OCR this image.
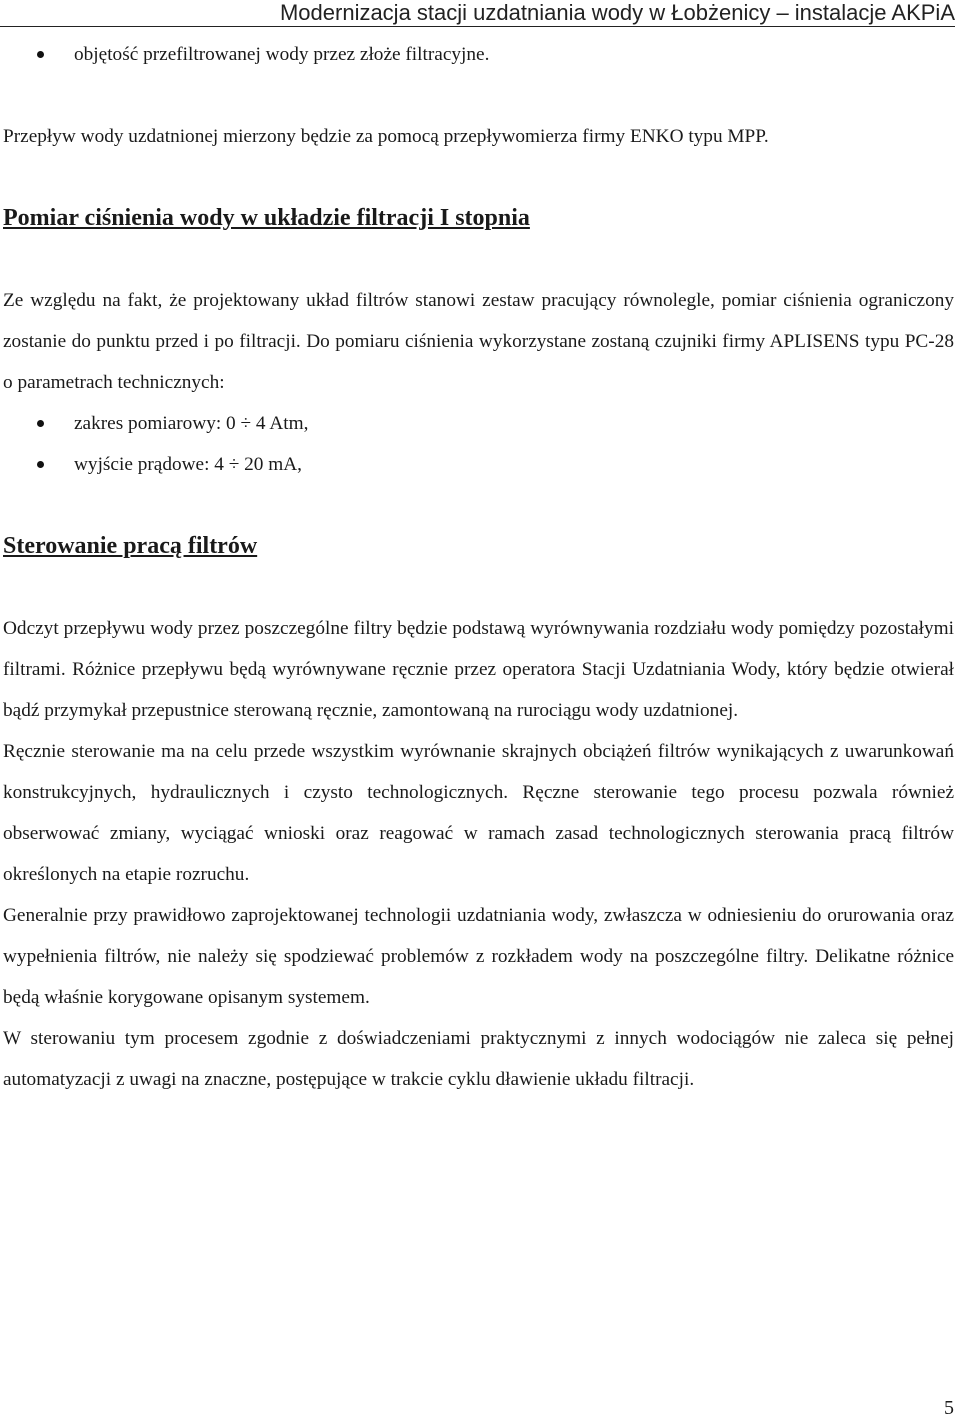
Modernizacja stacji uzdatniania wody w Łobżenicy – instalacje AKPiA
objętość przefiltrowanej wody przez złoże filtracyjne.

Przepływ wody uzdatnionej mierzony będzie za pomocą przepływomierza firmy ENKO typu MPP.

Pomiar ciśnienia wody w układzie filtracji I stopnia

Ze względu na fakt, że projektowany układ filtrów stanowi zestaw pracujący równolegle, pomiar ciśnienia ograniczony zostanie do punktu przed i po filtracji. Do pomiaru ciśnienia wykorzystane zostaną czujniki firmy APLISENS typu PC-28 o parametrach technicznych:

zakres pomiarowy: 0 ÷ 4 Atm,
wyjście prądowe: 4 ÷ 20 mA,
Sterowanie pracą filtrów

Odczyt przepływu wody przez poszczególne filtry będzie podstawą wyrównywania rozdziału wody pomiędzy pozostałymi filtrami. Różnice przepływu będą wyrównywane ręcznie przez operatora Stacji Uzdatniania Wody, który będzie otwierał bądź przymykał przepustnice sterowaną ręcznie, zamontowaną na rurociągu wody uzdatnionej.

Ręcznie sterowanie ma na celu przede wszystkim wyrównanie skrajnych obciążeń filtrów wynikających z uwarunkowań konstrukcyjnych, hydraulicznych i czysto technologicznych. Ręczne sterowanie tego procesu pozwala również obserwować zmiany, wyciągać wnioski oraz reagować w ramach zasad technologicznych sterowania pracą filtrów określonych na etapie rozruchu.

Generalnie przy prawidłowo zaprojektowanej technologii uzdatniania wody, zwłaszcza w odniesieniu do orurowania oraz wypełnienia filtrów, nie należy się spodziewać problemów z rozkładem wody na poszczególne filtry. Delikatne różnice będą właśnie korygowane opisanym systemem.

W sterowaniu tym procesem zgodnie z doświadczeniami praktycznymi z innych wodociągów nie zaleca się pełnej automatyzacji z uwagi na znaczne, postępujące w trakcie cyklu dławienie układu filtracji.

5
